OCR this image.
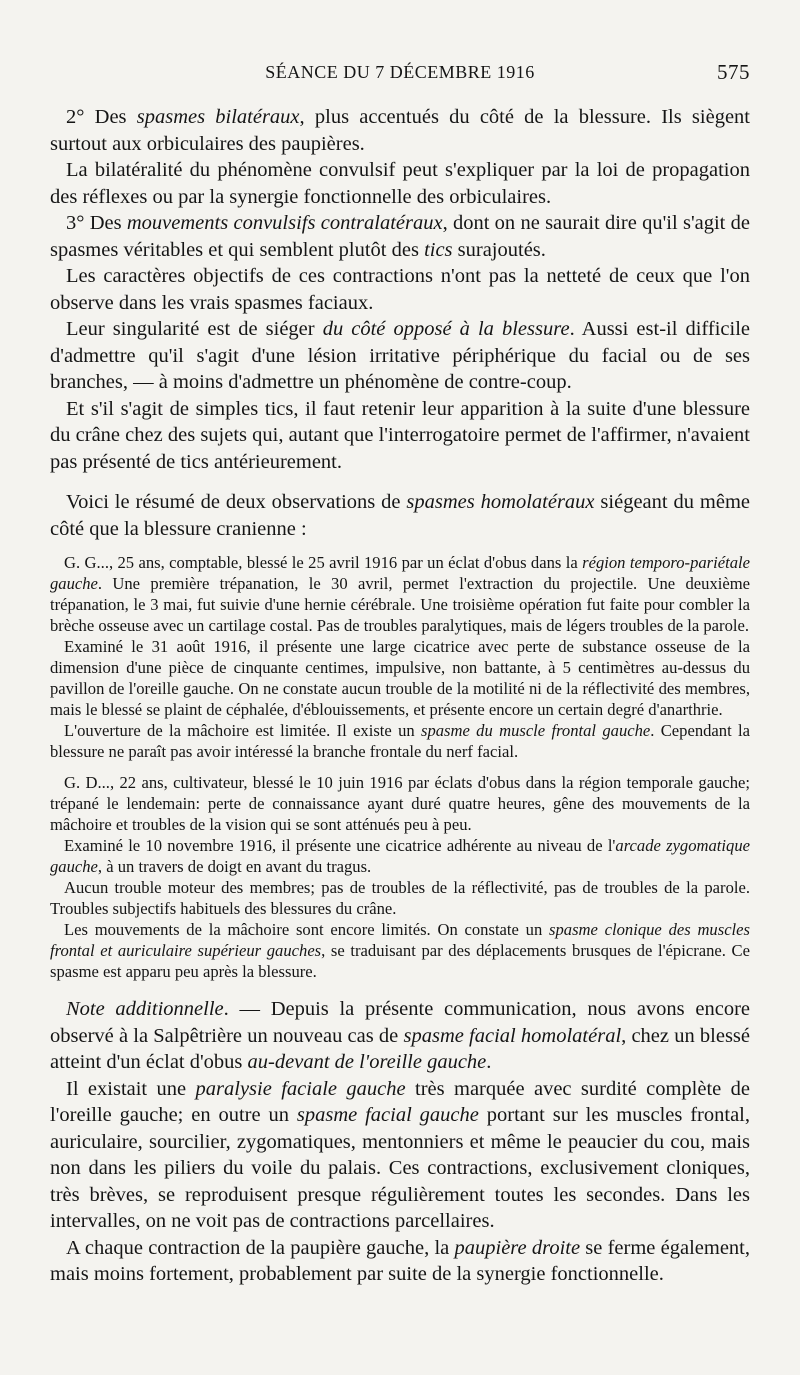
SÉANCE DU 7 DÉCEMBRE 1916	575

2° Des spasmes bilatéraux, plus accentués du côté de la blessure. Ils siègent surtout aux orbiculaires des paupières.

La bilatéralité du phénomène convulsif peut s'expliquer par la loi de propagation des réflexes ou par la synergie fonctionnelle des orbiculaires.

3° Des mouvements convulsifs contralatéraux, dont on ne saurait dire qu'il s'agit de spasmes véritables et qui semblent plutôt des tics surajoutés.

Les caractères objectifs de ces contractions n'ont pas la netteté de ceux que l'on observe dans les vrais spasmes faciaux.

Leur singularité est de siéger du côté opposé à la blessure. Aussi est-il difficile d'admettre qu'il s'agit d'une lésion irritative périphérique du facial ou de ses branches, — à moins d'admettre un phénomène de contre-coup.

Et s'il s'agit de simples tics, il faut retenir leur apparition à la suite d'une blessure du crâne chez des sujets qui, autant que l'interrogatoire permet de l'affirmer, n'avaient pas présenté de tics antérieurement.

Voici le résumé de deux observations de spasmes homolatéraux siégeant du même côté que la blessure cranienne :

G. G..., 25 ans, comptable, blessé le 25 avril 1916 par un éclat d'obus dans la région temporo-pariétale gauche. Une première trépanation, le 30 avril, permet l'extraction du projectile. Une deuxième trépanation, le 3 mai, fut suivie d'une hernie cérébrale. Une troisième opération fut faite pour combler la brèche osseuse avec un cartilage costal. Pas de troubles paralytiques, mais de légers troubles de la parole.

Examiné le 31 août 1916, il présente une large cicatrice avec perte de substance osseuse de la dimension d'une pièce de cinquante centimes, impulsive, non battante, à 5 centimètres au-dessus du pavillon de l'oreille gauche. On ne constate aucun trouble de la motilité ni de la réflectivité des membres, mais le blessé se plaint de céphalée, d'éblouissements, et présente encore un certain degré d'anarthrie.

L'ouverture de la mâchoire est limitée. Il existe un spasme du muscle frontal gauche. Cependant la blessure ne paraît pas avoir intéressé la branche frontale du nerf facial.

G. D..., 22 ans, cultivateur, blessé le 10 juin 1916 par éclats d'obus dans la région temporale gauche; trépané le lendemain: perte de connaissance ayant duré quatre heures, gêne des mouvements de la mâchoire et troubles de la vision qui se sont atténués peu à peu.

Examiné le 10 novembre 1916, il présente une cicatrice adhérente au niveau de l'arcade zygomatique gauche, à un travers de doigt en avant du tragus.

Aucun trouble moteur des membres; pas de troubles de la réflectivité, pas de troubles de la parole. Troubles subjectifs habituels des blessures du crâne.

Les mouvements de la mâchoire sont encore limités. On constate un spasme clonique des muscles frontal et auriculaire supérieur gauches, se traduisant par des déplacements brusques de l'épicrane. Ce spasme est apparu peu après la blessure.

Note additionnelle. — Depuis la présente communication, nous avons encore observé à la Salpêtrière un nouveau cas de spasme facial homolatéral, chez un blessé atteint d'un éclat d'obus au-devant de l'oreille gauche.

Il existait une paralysie faciale gauche très marquée avec surdité complète de l'oreille gauche; en outre un spasme facial gauche portant sur les muscles frontal, auriculaire, sourcilier, zygomatiques, mentonniers et même le peaucier du cou, mais non dans les piliers du voile du palais. Ces contractions, exclusivement cloniques, très brèves, se reproduisent presque régulièrement toutes les secondes. Dans les intervalles, on ne voit pas de contractions parcellaires.

A chaque contraction de la paupière gauche, la paupière droite se ferme également, mais moins fortement, probablement par suite de la synergie fonctionnelle.
